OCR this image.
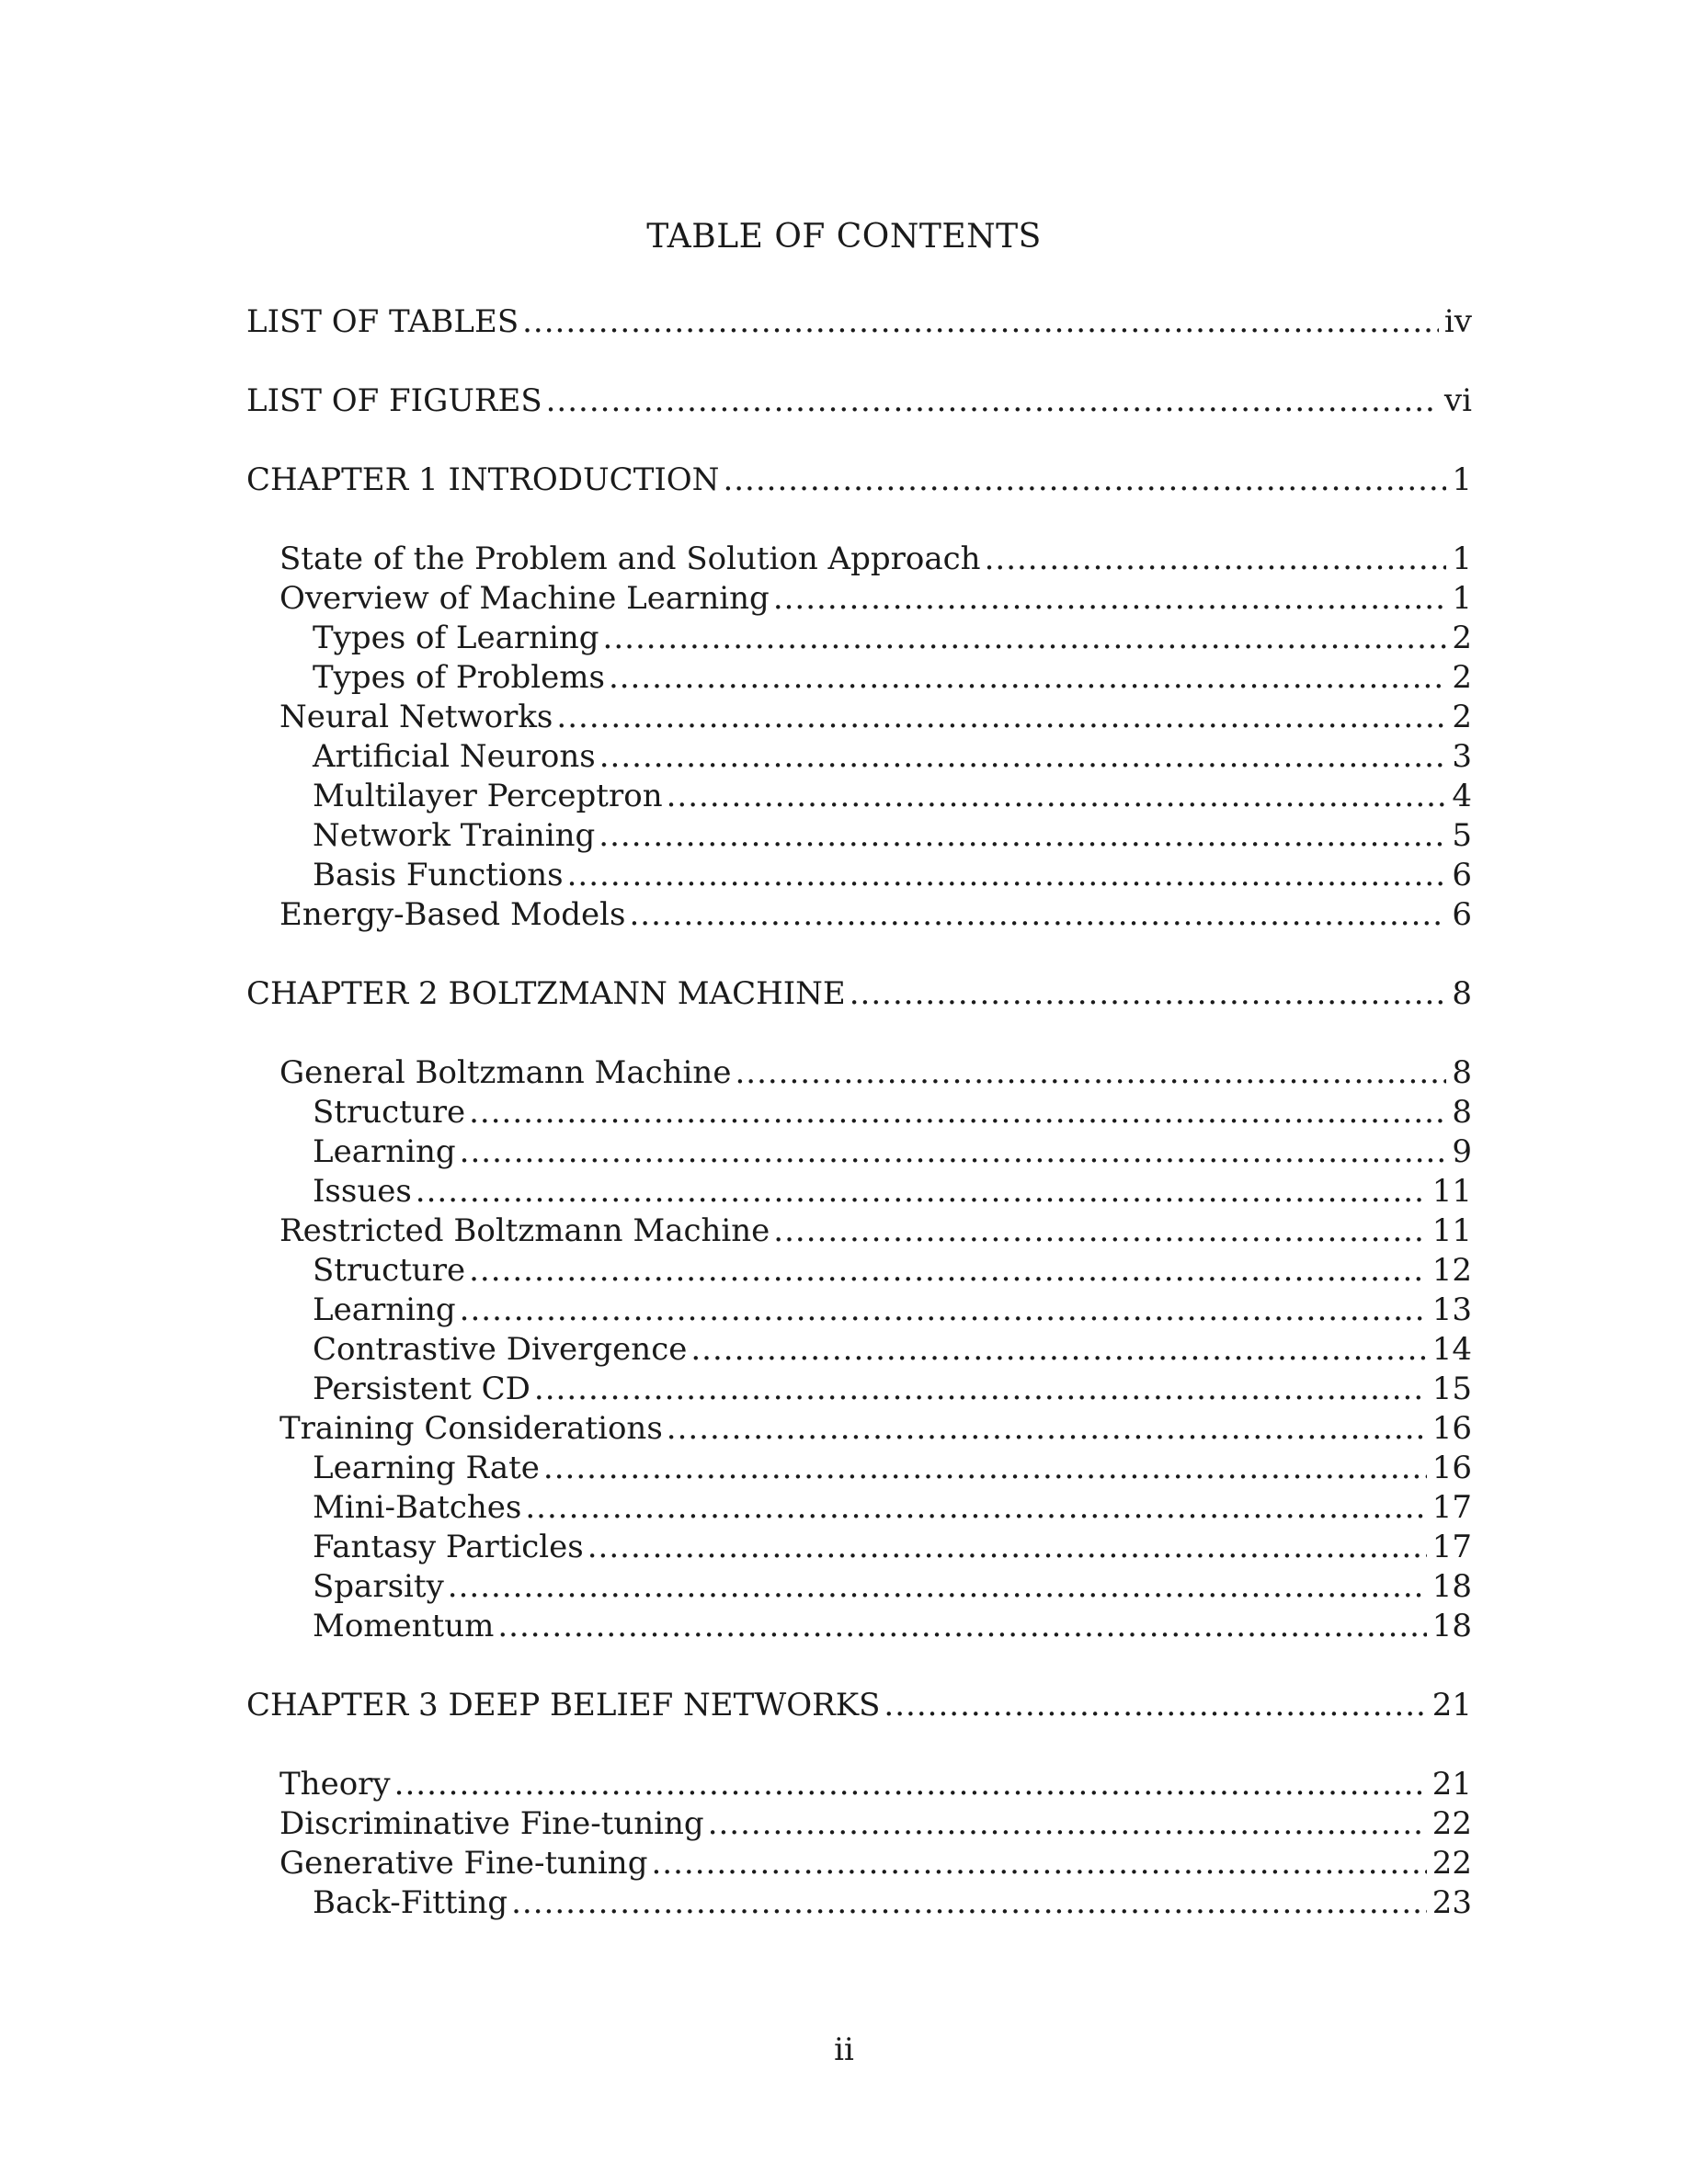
TABLE OF CONTENTS
LIST OF TABLES .....	iv
LIST OF FIGURES .....	vi
CHAPTER 1 INTRODUCTION .....	1
State of the Problem and Solution Approach .....	1
Overview of Machine Learning .....	1
Types of Learning .....	2
Types of Problems .....	2
Neural Networks .....	2
Artificial Neurons .....	3
Multilayer Perceptron .....	4
Network Training .....	5
Basis Functions .....	6
Energy-Based Models .....	6
CHAPTER 2 BOLTZMANN MACHINE .....	8
General Boltzmann Machine .....	8
Structure .....	8
Learning .....	9
Issues .....	11
Restricted Boltzmann Machine .....	11
Structure .....	12
Learning .....	13
Contrastive Divergence .....	14
Persistent CD .....	15
Training Considerations .....	16
Learning Rate .....	16
Mini-Batches .....	17
Fantasy Particles .....	17
Sparsity .....	18
Momentum .....	18
CHAPTER 3 DEEP BELIEF NETWORKS .....	21
Theory .....	21
Discriminative Fine-tuning .....	22
Generative Fine-tuning .....	22
Back-Fitting .....	23
ii
